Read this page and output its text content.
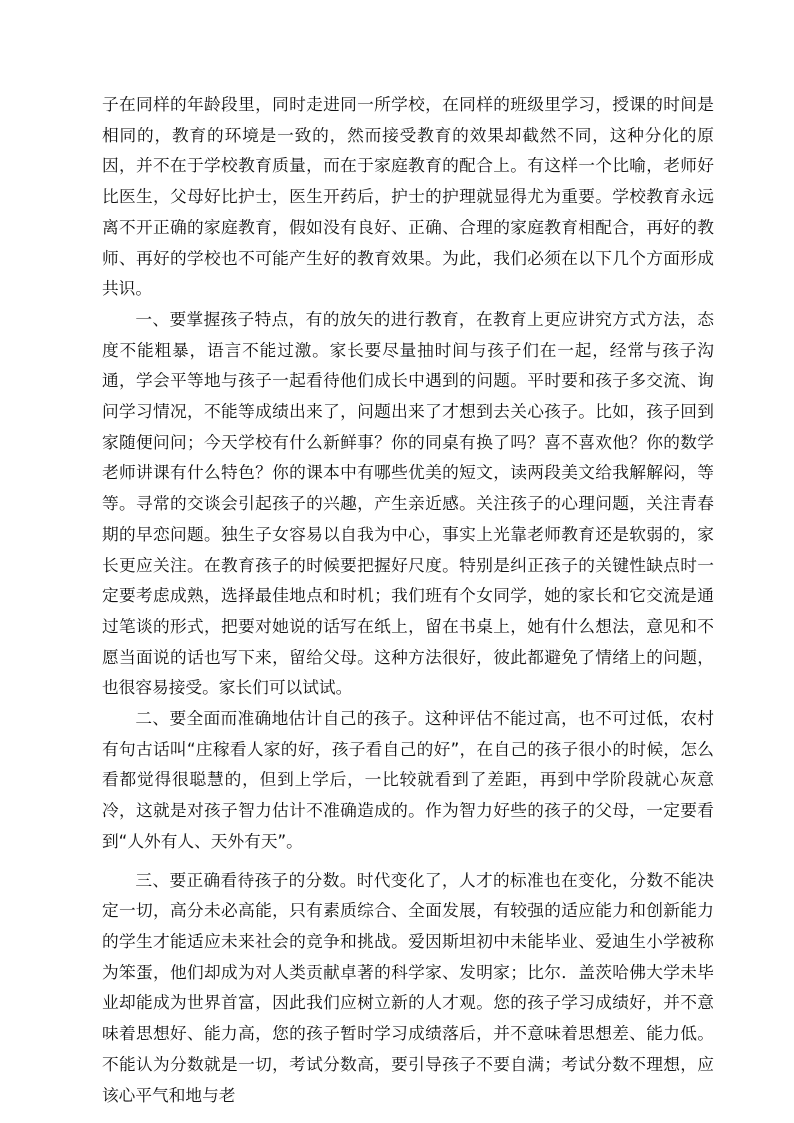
子在同样的年龄段里，同时走进同一所学校，在同样的班级里学习，授课的时间是相同的，教育的环境是一致的，然而接受教育的效果却截然不同，这种分化的原因，并不在于学校教育质量，而在于家庭教育的配合上。有这样一个比喻，老师好比医生，父母好比护士，医生开药后，护士的护理就显得尤为重要。学校教育永远离不开正确的家庭教育，假如没有良好、正确、合理的家庭教育相配合，再好的教师、再好的学校也不可能产生好的教育效果。为此，我们必须在以下几个方面形成共识。

一、要掌握孩子特点，有的放矢的进行教育，在教育上更应讲究方式方法，态度不能粗暴，语言不能过激。家长要尽量抽时间与孩子们在一起，经常与孩子沟通，学会平等地与孩子一起看待他们成长中遇到的问题。平时要和孩子多交流、询问学习情况，不能等成绩出来了，问题出来了才想到去关心孩子。比如，孩子回到家随便问问；今天学校有什么新鲜事？你的同桌有换了吗？喜不喜欢他？你的数学老师讲课有什么特色？你的课本中有哪些优美的短文，读两段美文给我解解闷，等等。寻常的交谈会引起孩子的兴趣，产生亲近感。关注孩子的心理问题，关注青春期的早恋问题。独生子女容易以自我为中心，事实上光靠老师教育还是软弱的，家长更应关注。在教育孩子的时候要把握好尺度。特别是纠正孩子的关键性缺点时一定要考虑成熟，选择最佳地点和时机；我们班有个女同学，她的家长和它交流是通过笔谈的形式，把要对她说的话写在纸上，留在书桌上，她有什么想法，意见和不愿当面说的话也写下来，留给父母。这种方法很好，彼此都避免了情绪上的问题，也很容易接受。家长们可以试试。

二、要全面而准确地估计自己的孩子。这种评估不能过高，也不可过低，农村有句古话叫“庄稼看人家的好，孩子看自己的好”，在自己的孩子很小的时候，怎么看都觉得很聪慧的，但到上学后，一比较就看到了差距，再到中学阶段就心灰意冷，这就是对孩子智力估计不准确造成的。作为智力好些的孩子的父母，一定要看到“人外有人、天外有天”。

三、要正确看待孩子的分数。时代变化了，人才的标准也在变化，分数不能决定一切，高分未必高能，只有素质综合、全面发展，有较强的适应能力和创新能力的学生才能适应未来社会的竞争和挑战。爱因斯坦初中未能毕业、爱迪生小学被称为笨蛋，他们却成为对人类贡献卓著的科学家、发明家；比尔．盖茨哈佛大学未毕业却能成为世界首富，因此我们应树立新的人才观。您的孩子学习成绩好，并不意味着思想好、能力高，您的孩子暂时学习成绩落后，并不意味着思想差、能力低。不能认为分数就是一切，考试分数高，要引导孩子不要自满；考试分数不理想，应该心平气和地与老
